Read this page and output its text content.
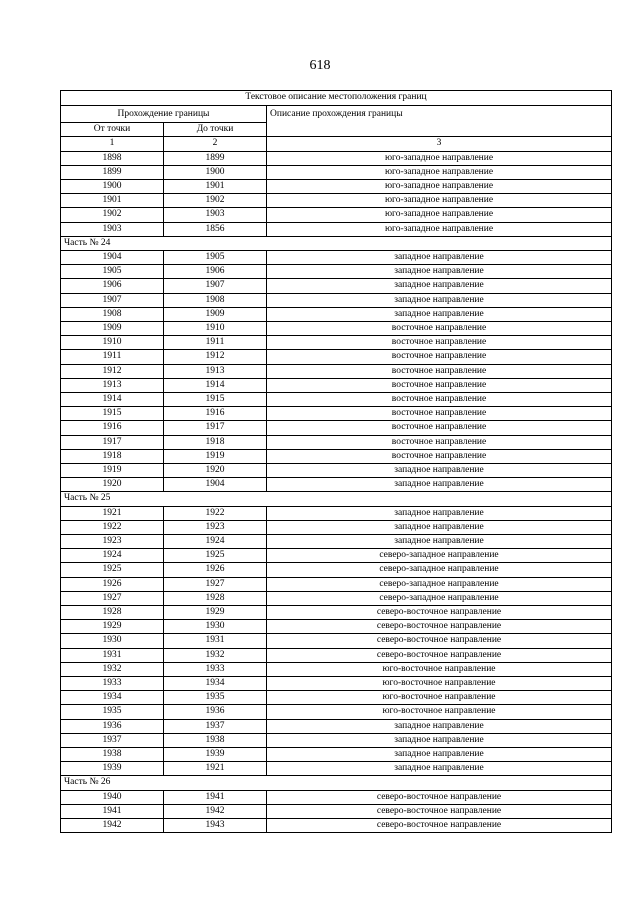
618
Текстовое описание местоположения границ		
Прохождение границы		Описание прохождения границы
От точки	До точки	
1	2	3
1898	1899	юго-западное направление
1899	1900	юго-западное направление
1900	1901	юго-западное направление
1901	1902	юго-западное направление
1902	1903	юго-западное направление
1903	1856	юго-западное направление
Часть № 24		
1904	1905	западное направление
1905	1906	западное направление
1906	1907	западное направление
1907	1908	западное направление
1908	1909	западное направление
1909	1910	восточное направление
1910	1911	восточное направление
1911	1912	восточное направление
1912	1913	восточное направление
1913	1914	восточное направление
1914	1915	восточное направление
1915	1916	восточное направление
1916	1917	восточное направление
1917	1918	восточное направление
1918	1919	восточное направление
1919	1920	западное направление
1920	1904	западное направление
Часть № 25		
1921	1922	западное направление
1922	1923	западное направление
1923	1924	западное направление
1924	1925	северо-западное направление
1925	1926	северо-западное направление
1926	1927	северо-западное направление
1927	1928	северо-западное направление
1928	1929	северо-восточное направление
1929	1930	северо-восточное направление
1930	1931	северо-восточное направление
1931	1932	северо-восточное направление
1932	1933	юго-восточное направление
1933	1934	юго-восточное направление
1934	1935	юго-восточное направление
1935	1936	юго-восточное направление
1936	1937	западное направление
1937	1938	западное направление
1938	1939	западное направление
1939	1921	западное направление
Часть № 26		
1940	1941	северо-восточное направление
1941	1942	северо-восточное направление
1942	1943	северо-восточное направление
